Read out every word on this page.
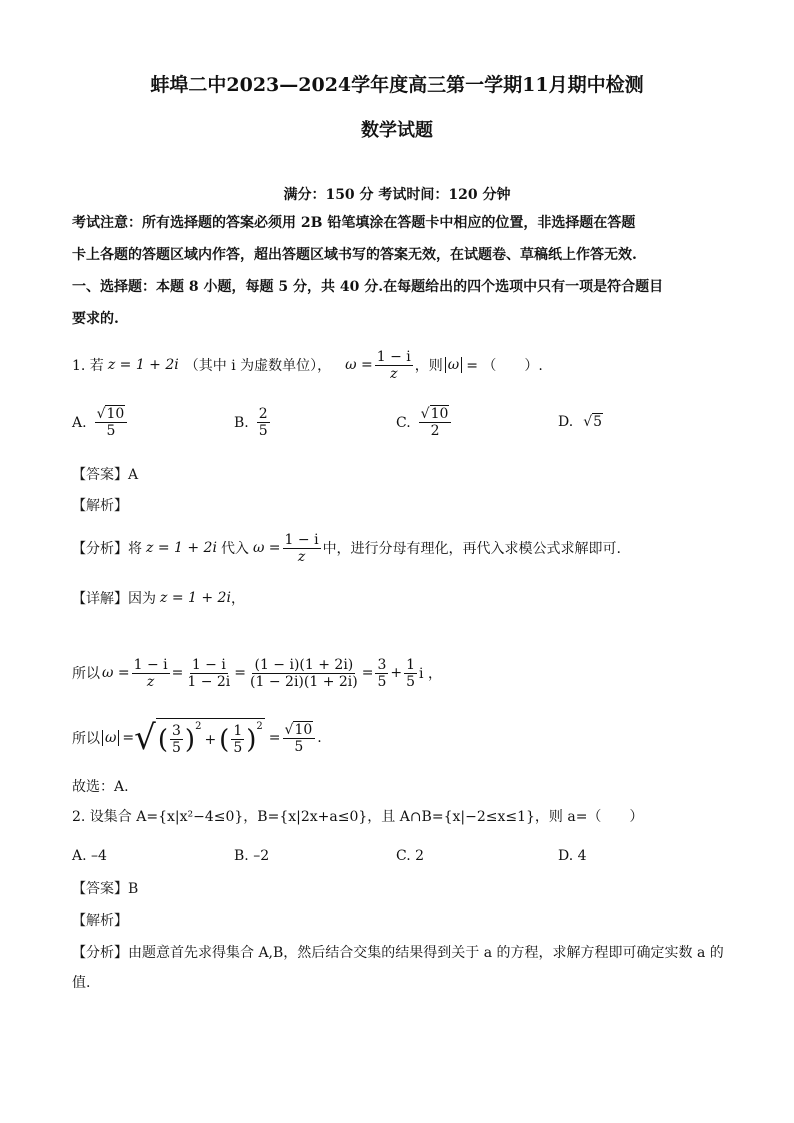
蚌埠二中2023—2024学年度高三第一学期11月期中检测
数学试题
满分：150 分 考试时间：120 分钟
考试注意：所有选择题的答案必须用 2B 铅笔填涂在答题卡中相应的位置，非选择题在答题
卡上各题的答题区域内作答，超出答题区域书写的答案无效，在试题卷、草稿纸上作答无效.
一、选择题：本题 8 小题，每题 5 分，共 40 分.在每题给出的四个选项中只有一项是符合题目
要求的.
1. 若 z = 1 + 2i （其中 i 为虚数单位）， $\omega = \frac{1 - i}{z}$ ，则 ω = （　　）.
A. $\frac{√10}{5}$	B. $\frac{2}{5}$	C. $\frac{√10}{2}$	D. √5
【答案】A
【解析】
【分析】将 z = 1 + 2i 代入 $\omega = \frac{1 - i}{z}$ 中，进行分母有理化，再代入求模公式求解即可.
【详解】因为 z = 1 + 2i ，
所以 $\omega = \frac{1 - i}{z} = \frac{1 - i}{1 - 2i} = \frac{(1 - i)(1 + 2i)}{(1 - 2i)(1 + 2i)} = \frac{3}{5} + \frac{1}{5}$ i ，
所以 ω = √ ( $\frac{3}{5} )^2$
+ ( $\frac{1}{5} )^2$
= $\frac{√10}{5}$ .
故选：A.
2. 设集合 A={x|x²−4≤0}，B={x|2x+a≤0}，且 A∩B={x|−2≤x≤1}，则 a=（　　）
A. –4	B. –2	C. 2	D. 4
【答案】B
【解析】
【分析】由题意首先求得集合 A,B，然后结合交集的结果得到关于 a 的方程，求解方程即可确定实数 a 的
值.
